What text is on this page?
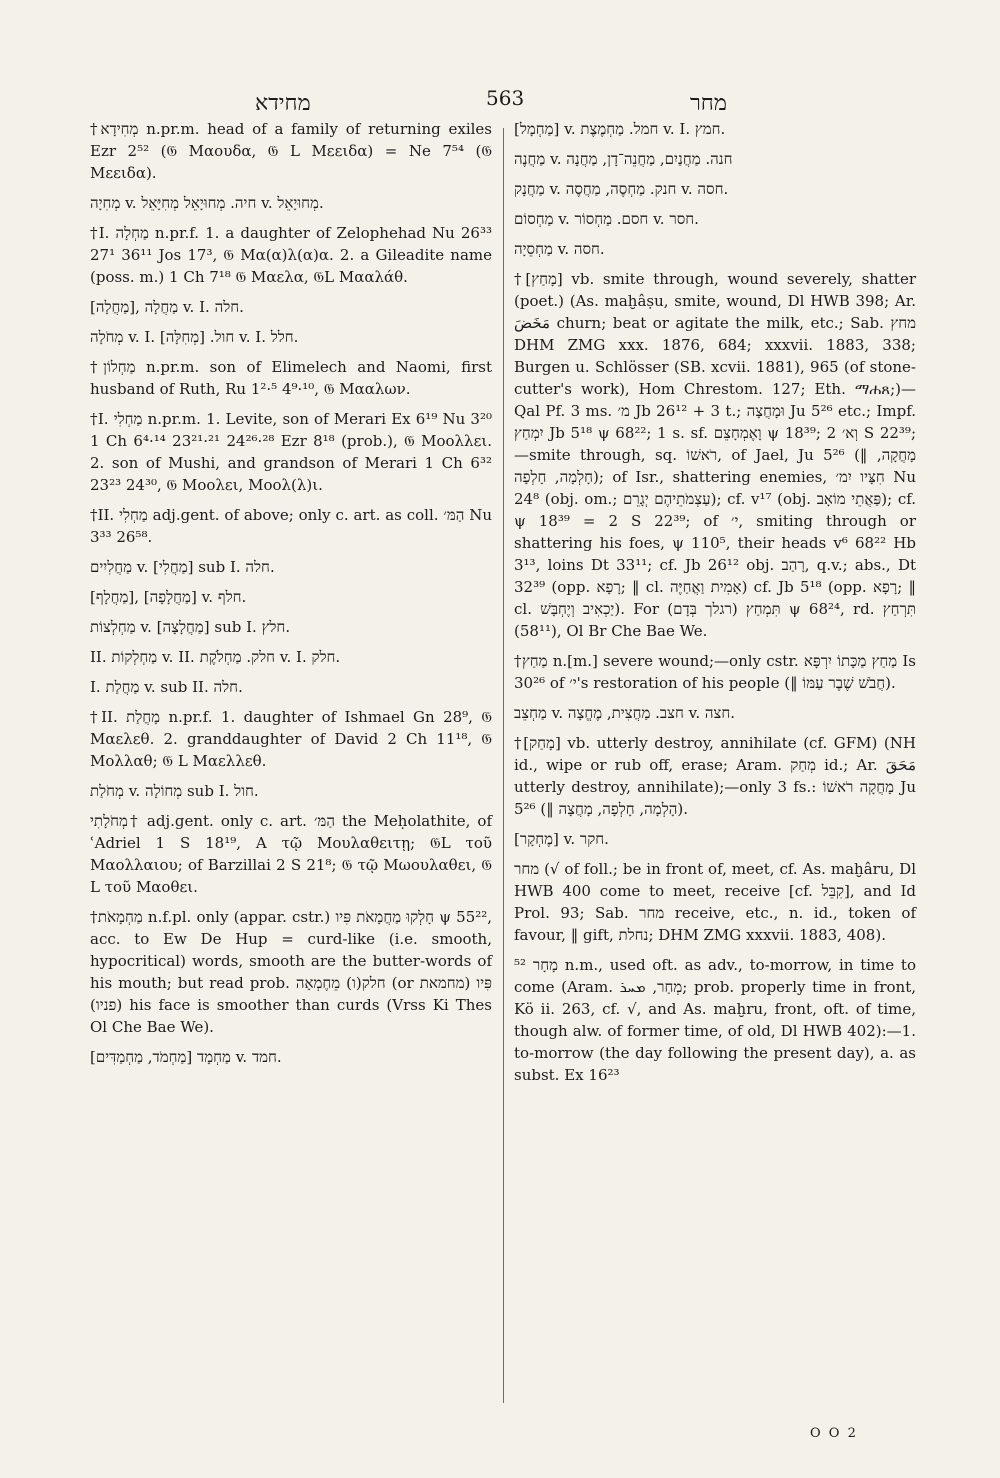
מחידא	563	מחר

†מְחִידָא n.pr.m. head of a family of returning exiles Ezr 2⁵² (𝔊 Μαουδα, 𝔊 L Μεειδα) = Ne 7⁵⁴ (𝔊 Μεειδα).

מְחִיָה v. חיה. מְחוּיָאֵל מְחִיָּאֵל v. מְחוּיָאֵל.

†I. מַחְלָה n.pr.f. 1. a daughter of Zelophehad Nu 26³³ 27¹ 36¹¹ Jos 17³, 𝔊 Μα(α)λ(α)α. 2. a Gileadite name (poss. m.) 1 Ch 7¹⁸ 𝔊 Μαελα, 𝔊L Μααλάθ.

[מַחֲלָה], מַחֲלָה v. I. חלה.

מְחֹלָה v. I. חול. [מְחִלָּה] v. I. חלל.

†מַחְלוֹן n.pr.m. son of Elimelech and Naomi, first husband of Ruth, Ru 1²·⁵ 4⁹·¹⁰, 𝔊 Μααλων.

†I. מַחְלִי n.pr.m. 1. Levite, son of Merari Ex 6¹⁹ Nu 3²⁰ 1 Ch 6⁴·¹⁴ 23²¹·²¹ 24²⁶·²⁸ Ezr 8¹⁸ (prob.), 𝔊 Μοολλει. 2. son of Mushi, and grandson of Merari 1 Ch 6³² 23²³ 24³⁰, 𝔊 Μοολει, Μοολ(λ)ι.

†II. מַחְלִי adj.gent. of above; only c. art. as coll. הַמּ׳ Nu 3³³ 26⁵⁸.

מַחֲלִיִים v. [מַחֲלִי] sub I. חלה.

[מַחֲלָף], [מַחֲלָפָה] v. חלף.

מַחְלְצוֹת v. [מַחֲלָצָה] sub I. חלץ.

II. מַחְלְקוֹת v. II. חלק. מַחְלֹקֶת v. I. חלק.

I. מַחֲלַת v. sub II. חלה.

†II. מָחֲלַת n.pr.f. 1. daughter of Ishmael Gn 28⁹, 𝔊 Μαελεθ. 2. granddaughter of David 2 Ch 11¹⁸, 𝔊 Μολλαθ; 𝔊 L Μαελλεθ.

מְחֹלַת v. מְחוֹלָה sub I. חול.

מְחֹלָתִי† adj.gent. only c. art. הַמּ׳ the Meḥolathite, of ʿAdriel 1 S 18¹⁹, A τῷ Μουλαθειτῃ; 𝔊L τοῦ Μαολλαιου; of Barzillai 2 S 21⁸; 𝔊 τῷ Μωουλαθει, 𝔊 L τοῦ Μαοθει.

†מַחְמָאֹת n.f.pl. only (appar. cstr.) חָלְקוּ מַחֲמָאֹת פִּיו ψ 55²², acc. to Ew De Hup = curd-like (i.e. smooth, hypocritical) words, smooth are the butter-words of his mouth; but read prob. חלק(ו) מֵחֶמְאָה (or מחמאת) פִּיו (פניו) his face is smoother than curds (Vrss Ki Thes Ol Che Bae We).

מַחְמָד [מַחְמֹד, מַחְמַדִּים] v. חמד.

[מַחְמָל] v. חמל. מַחְמֶצֶת v. I. חמץ.

מַחֲנֶה v. חנה. מַחֲנַיִם, מַחֲנֵה־דָן, מַחֲנָה

מַחֲנָק v. חנק. מַחְסֶה, מַחֲסֶה v. חסה.

מַחְסוֹם v. חסם. מַחְסוֹר v. חסר.

מַחְסֵיָה v. חסה.

†[מָחַץ] vb. smite through, wound severely, shatter (poet.) (As. maḫâṣu, smite, wound, Dl HWB 398; Ar. مَخَضَ churn; beat or agitate the milk, etc.; Sab. מחץ DHM ZMG xxx. 1876, 684; xxxvii. 1883, 338; Burgen u. Schlösser (SB. xcvii. 1881), 965 (of stone-cutter's work), Hom Chrestom. 127; Eth. ማሐጸ;)—Qal Pf. 3 ms. מ׳ Jb 26¹² + 3 t.; וּמָחֲצָה Ju 5²⁶ etc.; Impf. יִמְחַץ Jb 5¹⁸ ψ 68²²; 1 s. sf. וָאֶמְחָצֵם ψ 18³⁹; וְא׳ 2 S 22³⁹;—smite through, sq. רֹאשׁוֹ, of Jael, Ju 5²⁶ (‖ מָחֲקָה, חָלְמָה, חָלְפָה); of Isr., shattering enemies, חִצָּיו יִמ׳ Nu 24⁸ (obj. om.; עַצְמֹתֵיהֶם יְגָרֵם); cf. v¹⁷ (obj. פַּאֲתֵי מוֹאָב); cf. ψ 18³⁹ = 2 S 22³⁹; of י׳, smiting through or shattering his foes, ψ 110⁵, their heads v⁶ 68²² Hb 3¹³, loins Dt 33¹¹; cf. Jb 26¹² obj. רָהַב, q.v.; abs., Dt 32³⁹ (opp. רָפָא; ‖ cl. אָמִית וַאֲחַיֶּה) cf. Jb 5¹⁸ (opp. רָפָא; ‖ cl. יַכְאִיב וְיֶחְבָּשׁ). For תִּמְחַץ (רגלך בְּדָם) ψ 68²⁴, rd. תִּרְחַץ (58¹¹), Ol Br Che Bae We.

†מַחַץ n.[m.] severe wound;—only cstr. מַחַץ מַכָּתוֹ יִרְפָּא Is 30²⁶ of י׳'s restoration of his people (‖ חֲבֹשׁ שֶׁבֶר עַמּוֹ).

מַחְצֵב v. חצב. מַחֲצִית, מֶחֱצָה v. חצה.

†[מָחַק] vb. utterly destroy, annihilate (cf. GFM) (NH id., wipe or rub off, erase; Aram. מְחַק id.; Ar. مَحَقَ utterly destroy, annihilate);—only 3 fs.: מָחֲקָה רֹאשׁוֹ Ju 5²⁶ (‖ הָלְמָה, חָלְפָה, מָחֲצָה).

[מֶחְקָר] v. חקר.

מחר (√ of foll.; be in front of, meet, cf. As. maḫâru, Dl HWB 400 come to meet, receive [cf. קִבֵּל], and Id Prol. 93; Sab. מחר receive, etc., n. id., token of favour, ‖ gift, נחלת; DHM ZMG xxxvii. 1883, 408).

מָחָר ⁵² n.m., used oft. as adv., to-morrow, in time to come (Aram. מְחַר, ܡܚܪ; prob. properly time in front, Kö ii. 263, cf. √, and As. maḫru, front, oft. of time, though alw. of former time, of old, Dl HWB 402):—1. to-morrow (the day following the present day), a. as subst. Ex 16²³

O O 2
